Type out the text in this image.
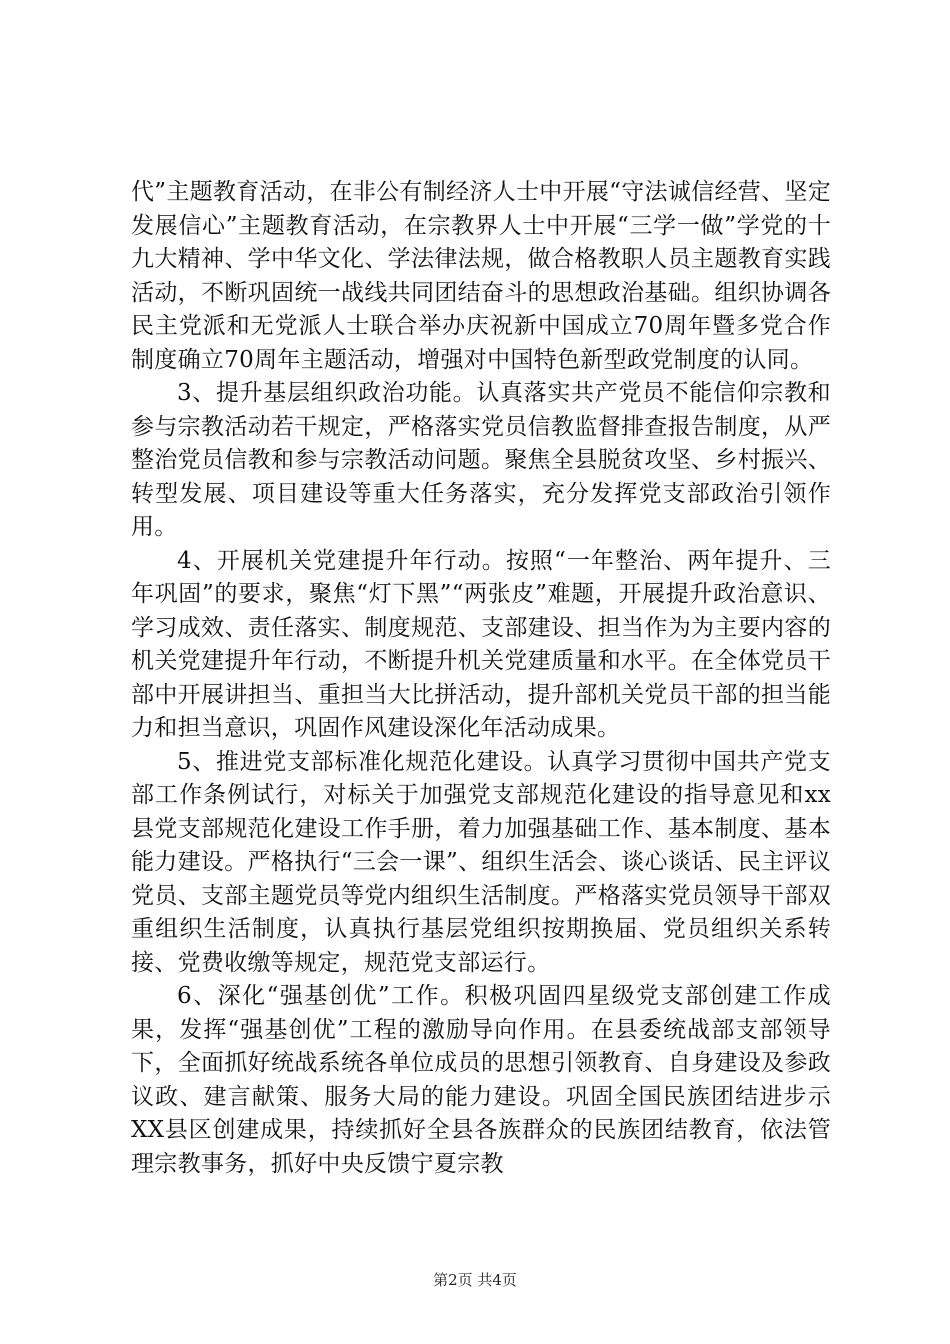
代”主题教育活动，在非公有制经济人士中开展“守法诚信经营、坚定发展信心”主题教育活动，在宗教界人士中开展“三学一做”学党的十九大精神、学中华文化、学法律法规，做合格教职人员主题教育实践活动，不断巩固统一战线共同团结奋斗的思想政治基础。组织协调各民主党派和无党派人士联合举办庆祝新中国成立70周年暨多党合作制度确立70周年主题活动，增强对中国特色新型政党制度的认同。

3、提升基层组织政治功能。认真落实共产党员不能信仰宗教和参与宗教活动若干规定，严格落实党员信教监督排查报告制度，从严整治党员信教和参与宗教活动问题。聚焦全县脱贫攻坚、乡村振兴、转型发展、项目建设等重大任务落实，充分发挥党支部政治引领作用。

4、开展机关党建提升年行动。按照“一年整治、两年提升、三年巩固”的要求，聚焦“灯下黑”“两张皮”难题，开展提升政治意识、学习成效、责任落实、制度规范、支部建设、担当作为为主要内容的机关党建提升年行动，不断提升机关党建质量和水平。在全体党员干部中开展讲担当、重担当大比拼活动，提升部机关党员干部的担当能力和担当意识，巩固作风建设深化年活动成果。

5、推进党支部标准化规范化建设。认真学习贯彻中国共产党支部工作条例试行，对标关于加强党支部规范化建设的指导意见和xx县党支部规范化建设工作手册，着力加强基础工作、基本制度、基本能力建设。严格执行“三会一课”、组织生活会、谈心谈话、民主评议党员、支部主题党员等党内组织生活制度。严格落实党员领导干部双重组织生活制度，认真执行基层党组织按期换届、党员组织关系转接、党费收缴等规定，规范党支部运行。

6、深化“强基创优”工作。积极巩固四星级党支部创建工作成果，发挥“强基创优”工程的激励导向作用。在县委统战部支部领导下，全面抓好统战系统各单位成员的思想引领教育、自身建设及参政议政、建言献策、服务大局的能力建设。巩固全国民族团结进步示XX县区创建成果，持续抓好全县各族群众的民族团结教育，依法管理宗教事务，抓好中央反馈宁夏宗教

第2页 共4页
